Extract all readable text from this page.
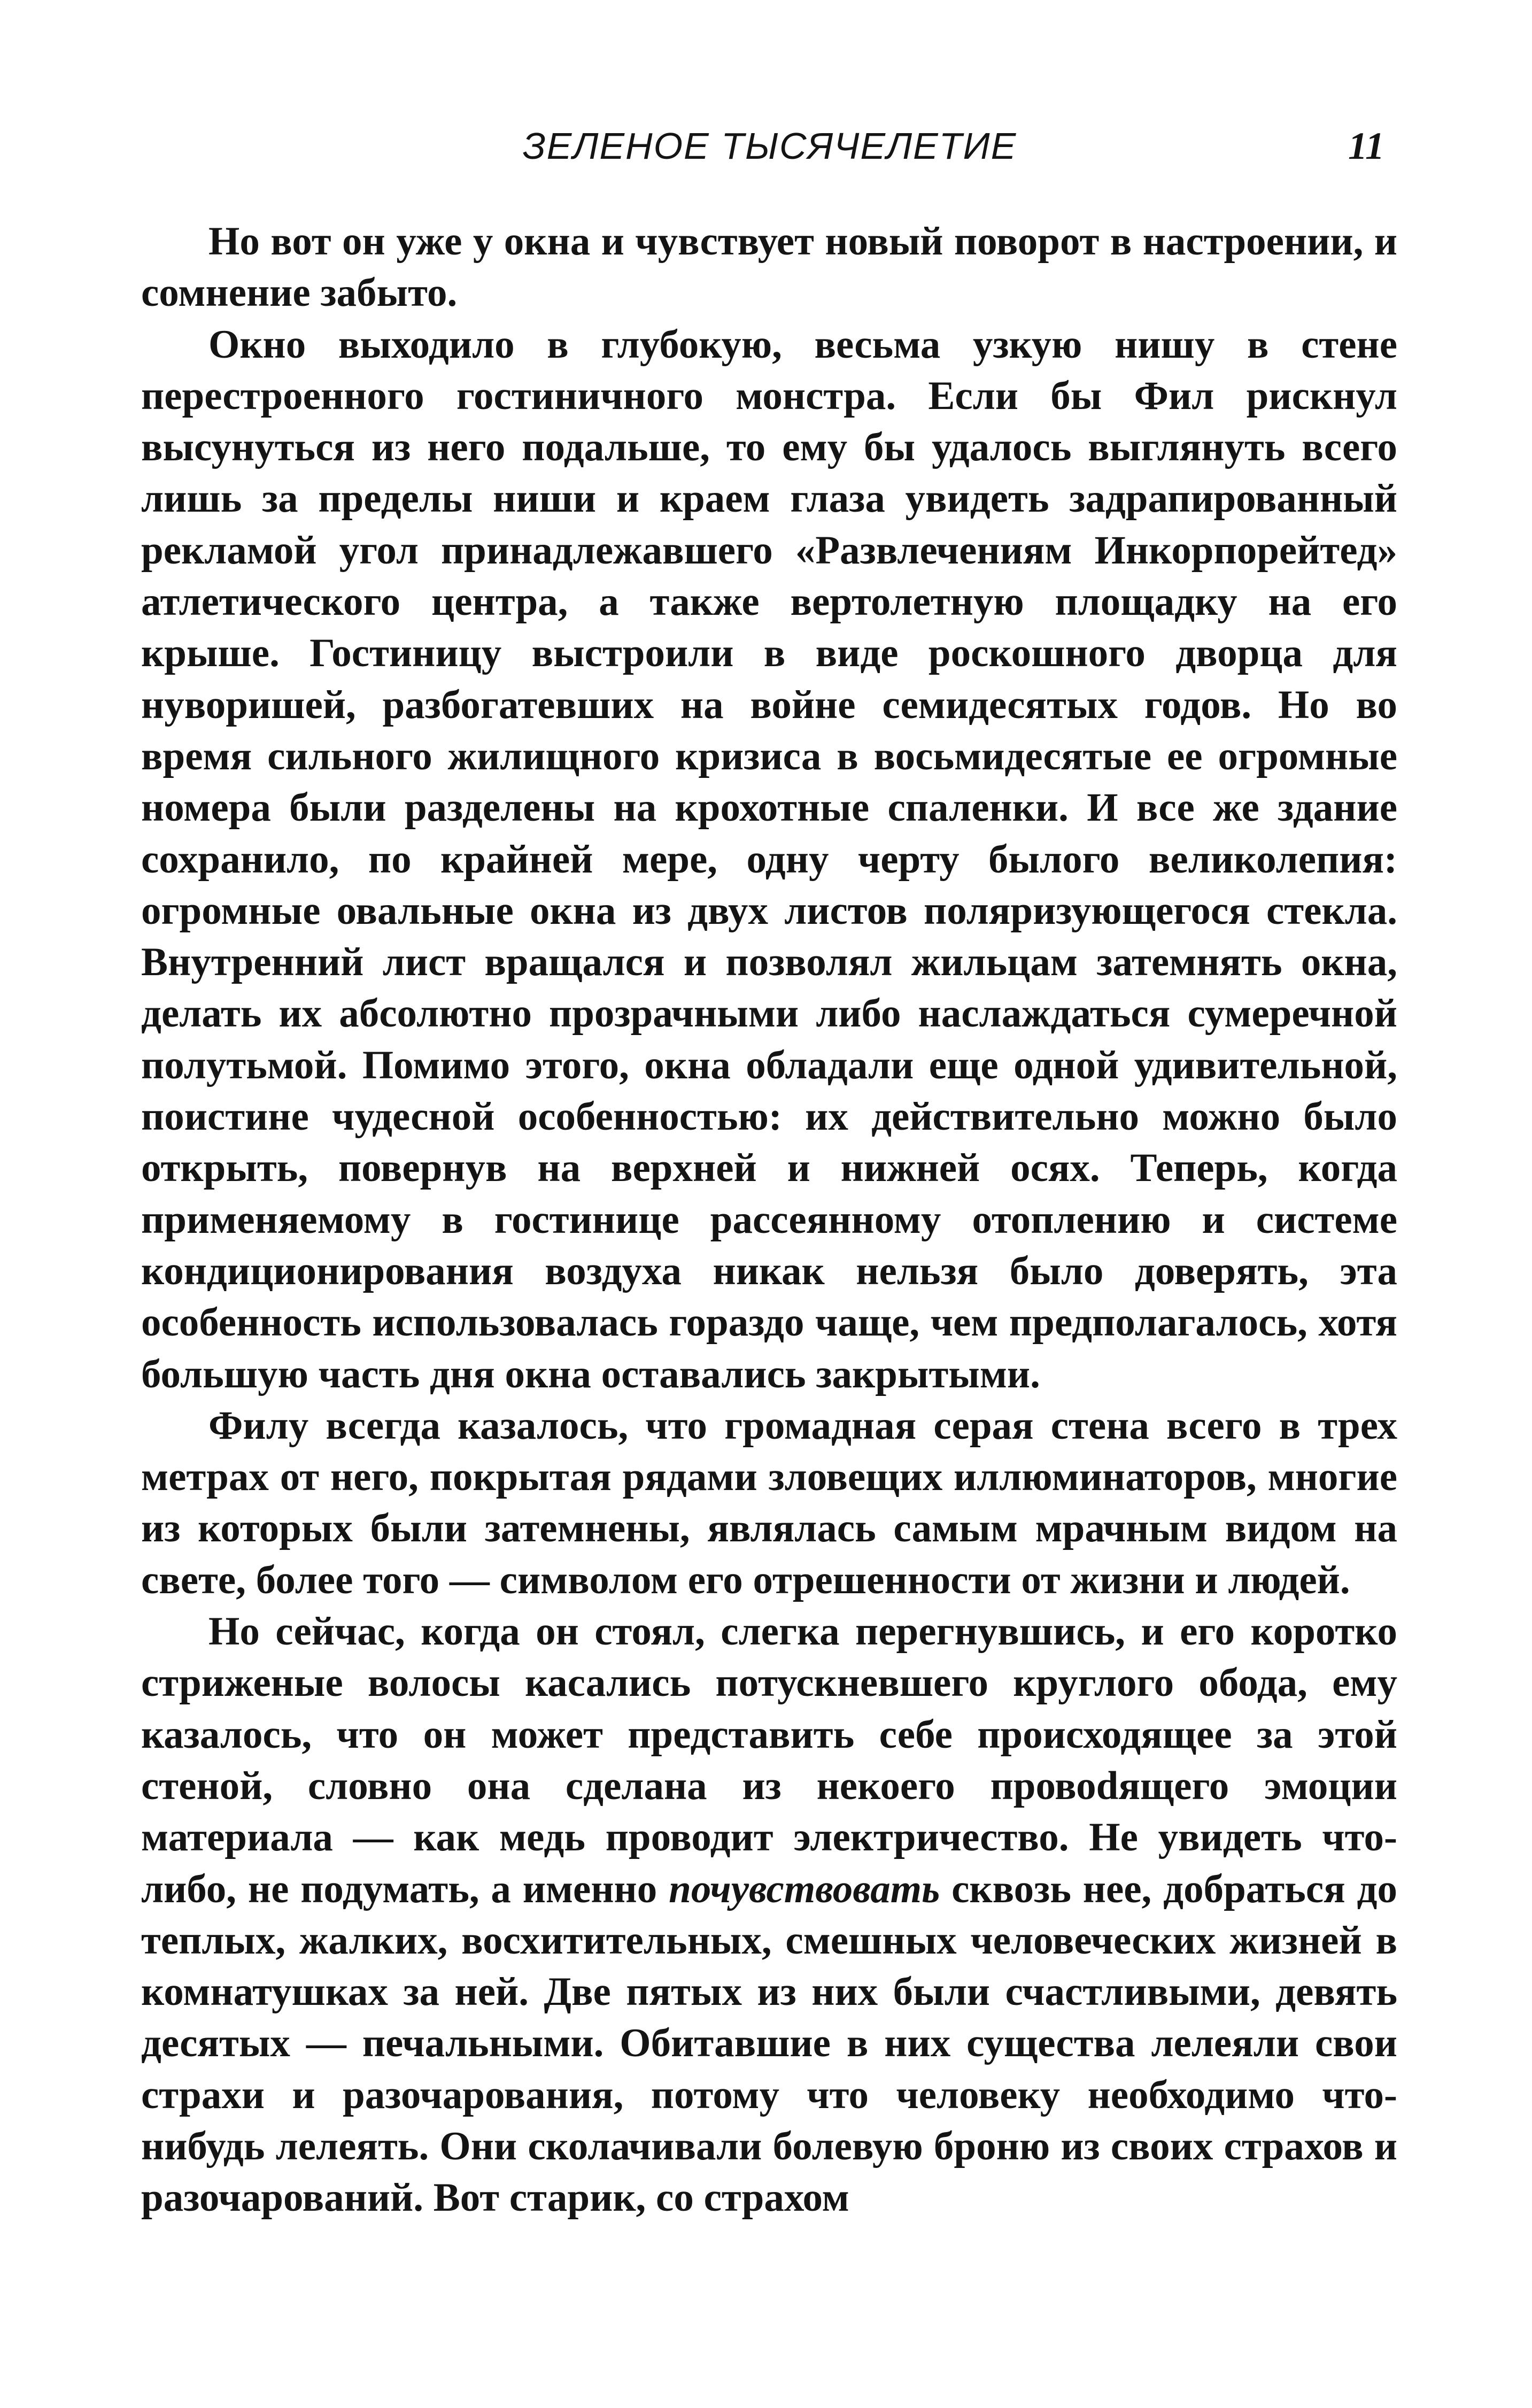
ЗЕЛЕНОЕ ТЫСЯЧЕЛЕТИЕ	11

Но вот он уже у окна и чувствует новый поворот в настроении, и сомнение забыто.

Окно выходило в глубокую, весьма узкую нишу в стене перестроенного гостиничного монстра. Если бы Фил рискнул высунуться из него подальше, то ему бы удалось выглянуть всего лишь за пределы ниши и краем глаза увидеть задрапированный рекламой угол принадлежавшего «Развлечениям Инкорпорейтед» атлетического центра, а также вертолетную площадку на его крыше. Гостиницу выстроили в виде роскошного дворца для нуворишей, разбогатевших на войне семидесятых годов. Но во время сильного жилищного кризиса в восьмидесятые ее огромные номера были разделены на крохотные спаленки. И все же здание сохранило, по крайней мере, одну черту былого великолепия: огромные овальные окна из двух листов поляризующегося стекла. Внутренний лист вращался и позволял жильцам затемнять окна, делать их абсолютно прозрачными либо наслаждаться сумеречной полутьмой. Помимо этого, окна обладали еще одной удивительной, поистине чудесной особенностью: их действительно можно было открыть, повернув на верхней и нижней осях. Теперь, когда применяемому в гостинице рассеянному отоплению и системе кондиционирования воздуха никак нельзя было доверять, эта особенность использовалась гораздо чаще, чем предполагалось, хотя большую часть дня окна оставались закрытыми.

Филу всегда казалось, что громадная серая стена всего в трех метрах от него, покрытая рядами зловещих иллюминаторов, многие из которых были затемнены, являлась самым мрачным видом на свете, более того — символом его отрешенности от жизни и людей.

Но сейчас, когда он стоял, слегка перегнувшись, и его коротко стриженые волосы касались потускневшего круглого обода, ему казалось, что он может представить себе происходящее за этой стеной, словно она сделана из некоего провоdящего эмоции материала — как медь проводит электричество. Не увидеть что-либо, не подумать, а именно почувствовать сквозь нее, добраться до теплых, жалких, восхитительных, смешных человеческих жизней в комнатушках за ней. Две пятых из них были счастливыми, девять десятых — печальными. Обитавшие в них существа лелеяли свои страхи и разочарования, потому что человеку необходимо что-нибудь лелеять. Они сколачивали болевую броню из своих страхов и разочарований. Вот старик, со страхом
